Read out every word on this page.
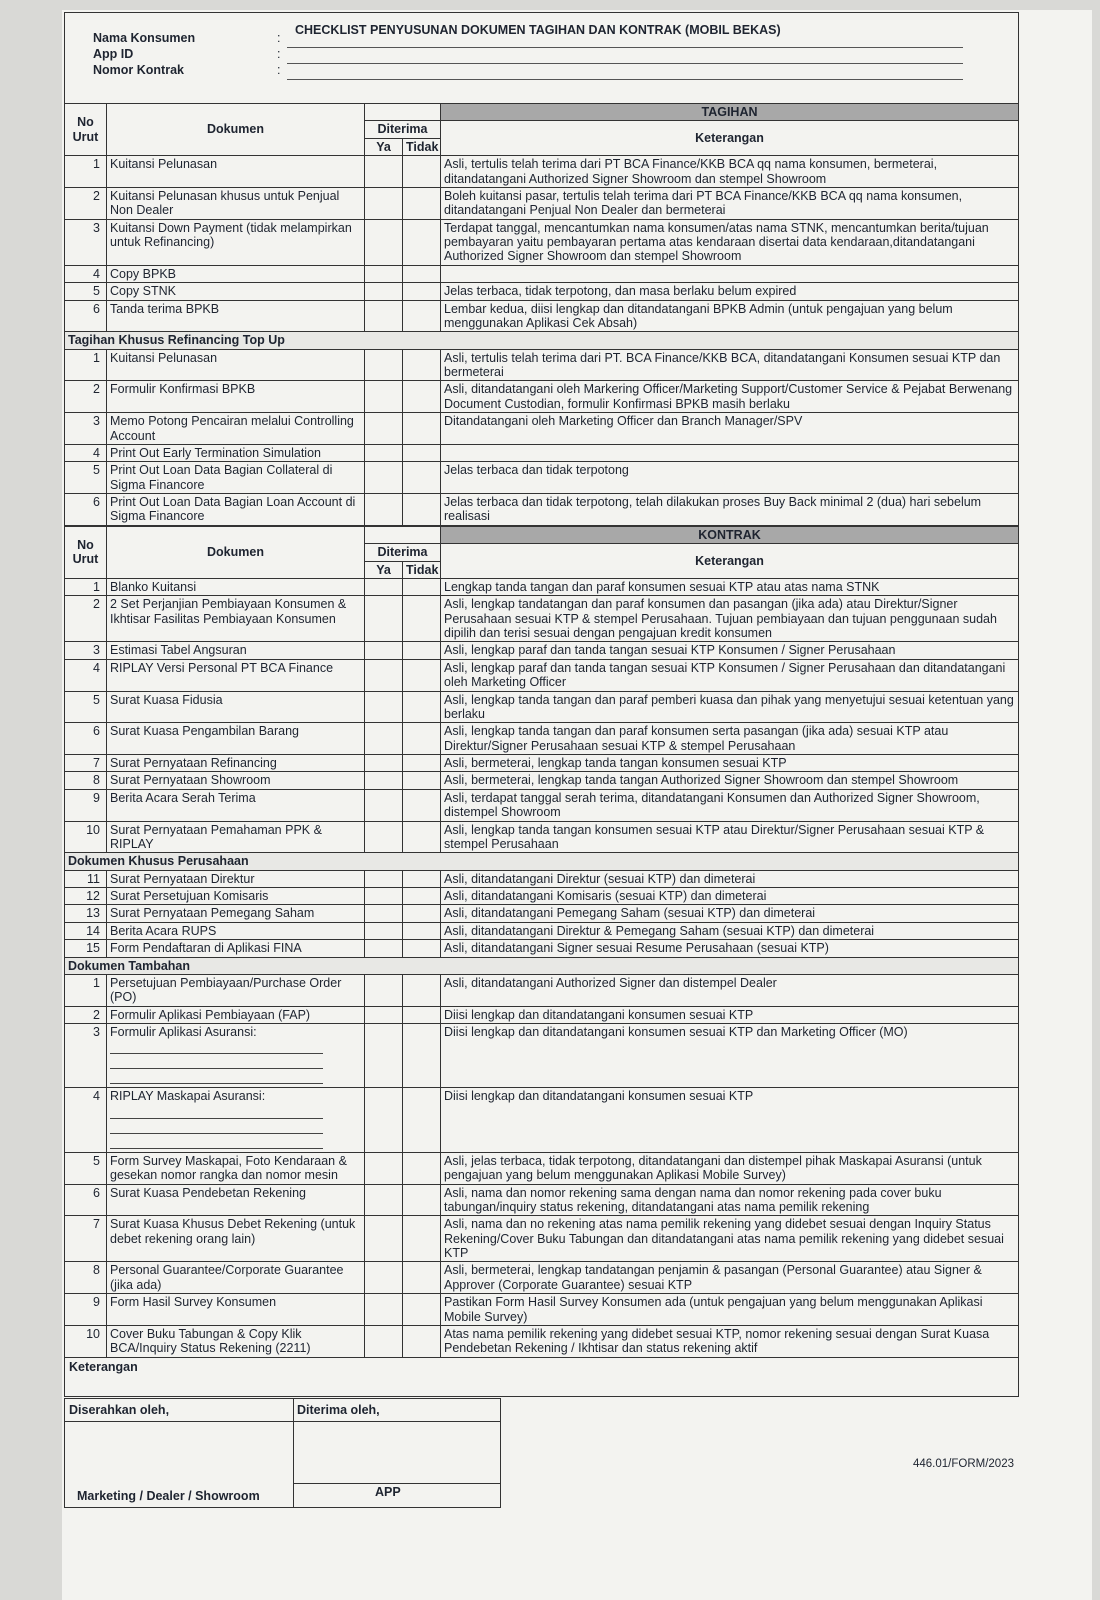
CHECKLIST PENYUSUNAN DOKUMEN TAGIHAN DAN KONTRAK (MOBIL BEKAS)
Nama Konsumen
App ID
Nomor Kontrak
:
:
:
No Urut	Dokumen			TAGIHAN
		Diterima		Keterangan
		Ya	Tidak	
1	Kuitansi Pelunasan			Asli, tertulis telah terima dari PT BCA Finance/KKB BCA qq nama konsumen, bermeterai, ditandatangani Authorized Signer Showroom dan stempel Showroom
2	Kuitansi Pelunasan khusus untuk Penjual Non Dealer			Boleh kuitansi pasar, tertulis telah terima dari PT BCA Finance/KKB BCA qq nama konsumen, ditandatangani Penjual Non Dealer dan bermeterai
3	Kuitansi Down Payment (tidak melampirkan untuk Refinancing)			Terdapat tanggal, mencantumkan nama konsumen/atas nama STNK, mencantumkan berita/tujuan pembayaran yaitu pembayaran pertama atas kendaraan disertai data kendaraan,ditandatangani Authorized Signer Showroom dan stempel Showroom
4	Copy BPKB			

5	Copy STNK			Jelas terbaca, tidak terpotong, dan masa berlaku belum expired
6	Tanda terima BPKB			Lembar kedua, diisi lengkap dan ditandatangani BPKB Admin (untuk pengajuan yang belum menggunakan Aplikasi Cek Absah)
Tagihan Khusus Refinancing Top Up				
1	Kuitansi Pelunasan			Asli, tertulis telah terima dari PT. BCA Finance/KKB BCA, ditandatangani Konsumen sesuai KTP dan bermeterai
2	Formulir Konfirmasi BPKB			Asli, ditandatangani oleh Markering Officer/Marketing Support/Customer Service & Pejabat Berwenang Document Custodian, formulir Konfirmasi BPKB masih berlaku
3	Memo Potong Pencairan melalui Controlling Account			Ditandatangani oleh Marketing Officer dan Branch Manager/SPV
4	Print Out Early Termination Simulation			

5	Print Out Loan Data Bagian Collateral di Sigma Financore			Jelas terbaca dan tidak terpotong
6	Print Out Loan Data Bagian Loan Account di Sigma Financore			Jelas terbaca dan tidak terpotong, telah dilakukan proses Buy Back minimal 2 (dua) hari sebelum realisasi
No Urut	Dokumen			KONTRAK
		Diterima		Keterangan
		Ya	Tidak	
1	Blanko Kuitansi			Lengkap tanda tangan dan paraf konsumen sesuai KTP atau atas nama STNK
2	2 Set Perjanjian Pembiayaan Konsumen & Ikhtisar Fasilitas Pembiayaan Konsumen			Asli, lengkap tandatangan dan paraf konsumen dan pasangan (jika ada) atau Direktur/Signer Perusahaan sesuai KTP & stempel Perusahaan. Tujuan pembiayaan dan tujuan penggunaan sudah dipilih dan terisi sesuai dengan pengajuan kredit konsumen
3	Estimasi Tabel Angsuran			Asli, lengkap paraf dan tanda tangan sesuai KTP Konsumen / Signer Perusahaan
4	RIPLAY Versi Personal PT BCA Finance			Asli, lengkap paraf dan tanda tangan sesuai KTP Konsumen / Signer Perusahaan dan ditandatangani oleh Marketing Officer
5	Surat Kuasa Fidusia			Asli, lengkap tanda tangan dan paraf pemberi kuasa dan pihak yang menyetujui sesuai ketentuan yang berlaku
6	Surat Kuasa Pengambilan Barang			Asli, lengkap tanda tangan dan paraf konsumen serta pasangan (jika ada) sesuai KTP atau Direktur/Signer Perusahaan sesuai KTP & stempel Perusahaan
7	Surat Pernyataan Refinancing			Asli, bermeterai, lengkap tanda tangan konsumen sesuai KTP
8	Surat Pernyataan Showroom			Asli, bermeterai, lengkap tanda tangan Authorized Signer Showroom dan stempel Showroom
9	Berita Acara Serah Terima			Asli, terdapat tanggal serah terima, ditandatangani Konsumen dan Authorized Signer Showroom, distempel Showroom
10	Surat Pernyataan Pemahaman PPK & RIPLAY			Asli, lengkap tanda tangan konsumen sesuai KTP atau Direktur/Signer Perusahaan sesuai KTP & stempel Perusahaan
Dokumen Khusus Perusahaan				
11	Surat Pernyataan Direktur			Asli, ditandatangani Direktur (sesuai KTP) dan dimeterai
12	Surat Persetujuan Komisaris			Asli, ditandatangani Komisaris (sesuai KTP) dan dimeterai
13	Surat Pernyataan Pemegang Saham			Asli, ditandatangani Pemegang Saham (sesuai KTP) dan dimeterai
14	Berita Acara RUPS			Asli, ditandatangani Direktur & Pemegang Saham (sesuai KTP) dan dimeterai
15	Form Pendaftaran di Aplikasi FINA			Asli, ditandatangani Signer sesuai Resume Perusahaan (sesuai KTP)
Dokumen Tambahan				
1	Persetujuan Pembiayaan/Purchase Order (PO)			Asli, ditandatangani Authorized Signer dan distempel Dealer
2	Formulir Aplikasi Pembiayaan (FAP)			Diisi lengkap dan ditandatangani konsumen sesuai KTP
3	Formulir Aplikasi Asuransi:			Diisi lengkap dan ditandatangani konsumen sesuai KTP dan Marketing Officer (MO)
4	RIPLAY Maskapai Asuransi:			Diisi lengkap dan ditandatangani konsumen sesuai KTP
5	Form Survey Maskapai, Foto Kendaraan & gesekan nomor rangka dan nomor mesin			Asli, jelas terbaca, tidak terpotong, ditandatangani dan distempel pihak Maskapai Asuransi (untuk pengajuan yang belum menggunakan Aplikasi Mobile Survey)
6	Surat Kuasa Pendebetan Rekening			Asli, nama dan nomor rekening sama dengan nama dan nomor rekening pada cover buku tabungan/inquiry status rekening, ditandatangani atas nama pemilik rekening
7	Surat Kuasa Khusus Debet Rekening (untuk debet rekening orang lain)			Asli, nama dan no rekening atas nama pemilik rekening yang didebet sesuai dengan Inquiry Status Rekening/Cover Buku Tabungan dan ditandatangani atas nama pemilik rekening yang didebet sesuai KTP
8	Personal Guarantee/Corporate Guarantee (jika ada)			Asli, bermeterai, lengkap tandatangan penjamin & pasangan (Personal Guarantee) atau Signer & Approver (Corporate Guarantee) sesuai KTP
9	Form Hasil Survey Konsumen			Pastikan Form Hasil Survey Konsumen ada (untuk pengajuan yang belum menggunakan Aplikasi Mobile Survey)
10	Cover Buku Tabungan & Copy Klik BCA/Inquiry Status Rekening (2211)			Atas nama pemilik rekening yang didebet sesuai KTP, nomor rekening sesuai dengan Surat Kuasa Pendebetan Rekening / Ikhtisar dan status rekening aktif
Keterangan
Diserahkan oleh,	Diterima oleh,
Marketing / Dealer / Showroom	APP
446.01/FORM/2023
